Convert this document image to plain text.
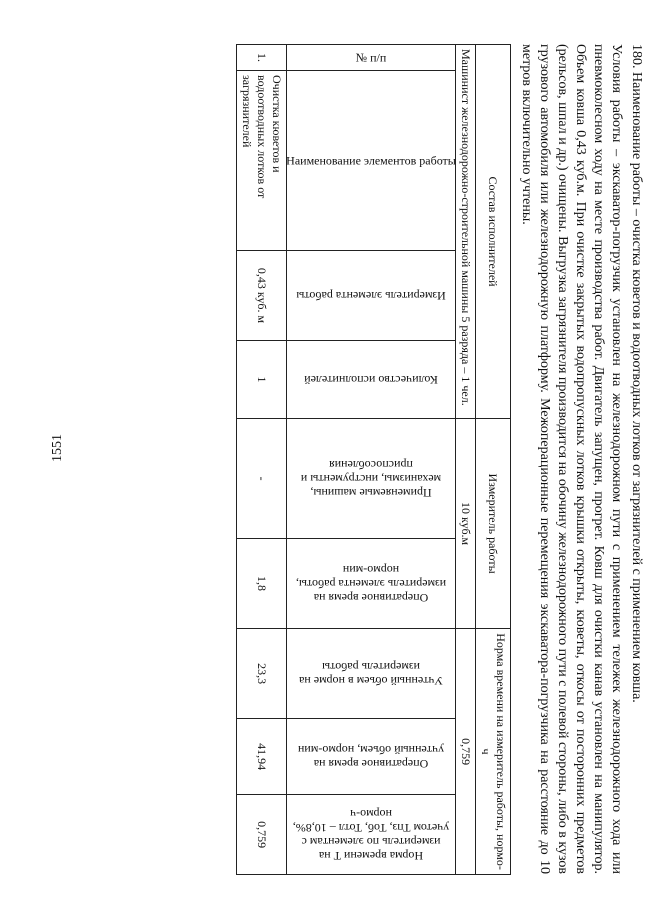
1551	180. Наименование работы – очистка кюветов и водоотводных лотков от загрязнителей с применением ковша.

Условия работы – экскаватор-погрузчик установлен на железнодорожном пути с применением тележек железнодорожного хода или пневмоколесном ходу на месте производства работ. Двигатель запущен, прогрет. Ковш для очистки канав установлен на манипулятор. Объем ковша 0,43 куб.м. При очистке закрытых водопропускных лотков крышки открыты, кюветы, откосы от посторонних предметов (рельсов, шпал и др.) очищены. Выгрузка загрязнителя производится на обочину железнодорожного пути с полевой стороны, либо в кузов грузового автомобиля или железнодорожную платформу. Межоперационные перемещения экскаватора-погрузчика на расстояние до 10 метров включительно учтены.

Состав исполнителей				Измеритель работы		Норма времени на измеритель работы, нормо-ч		
Машинист железнодорожно-строительной машины 5 разряда – 1 чел.				10 куб.м		0,759		

№ п/п	Наименование элементов работы	Измеритель элемента работы	Количество исполнителей	Применяемые машины, механизмы, инструменты и приспособления	Оперативное время на измеритель элемента работы, нормо-мин	Учтенный объем в норме на измеритель работы	Оперативное время на учтенный объем, нормо-мин	Норма времени Т на измеритель по элементам с учетом Тпз, Тоб, Тотл – 10,8%, нормо-ч

1.	Очистка кюветов и водоотводных лотков от загрязнителей	0,43 куб. м	1	-	1,8	23,3	41,94	0,759
